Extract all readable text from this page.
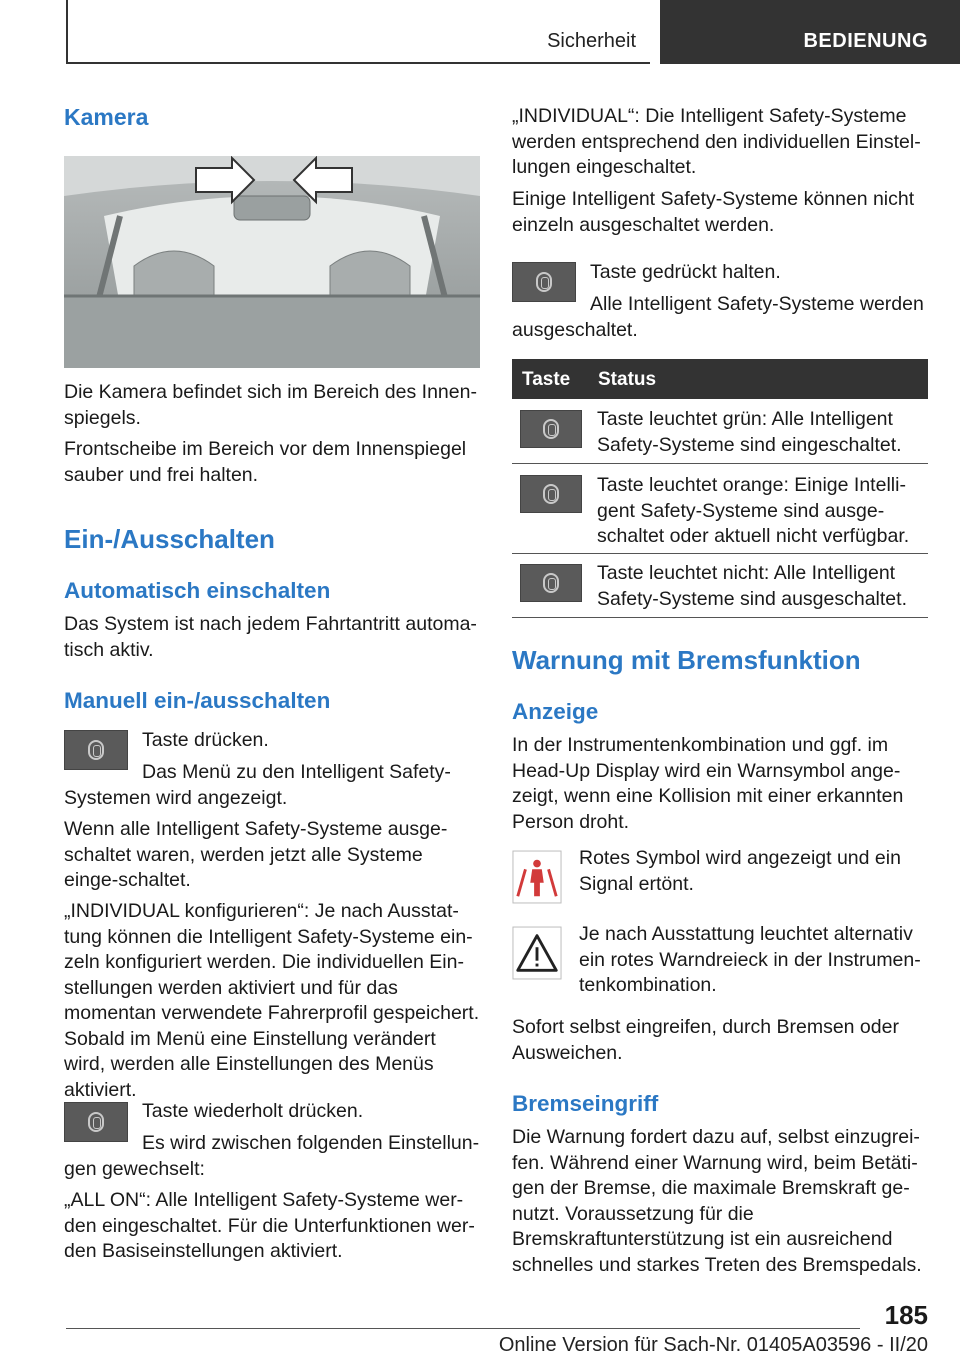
Sicherheit	BEDIENUNG
Kamera
Die Kamera befindet sich im Bereich des Innen-spiegels.
Frontscheibe im Bereich vor dem Innenspiegel sauber und frei halten.
Ein-/Ausschalten
Automatisch einschalten
Das System ist nach jedem Fahrtantritt automa-tisch aktiv.
Manuell ein-/ausschalten
Taste drücken.
Das Menü zu den Intelligent Safety-Systemen wird angezeigt.
Wenn alle Intelligent Safety-Systeme ausge-schaltet waren, werden jetzt alle Systeme einge-schaltet.
„INDIVIDUAL konfigurieren“: Je nach Ausstat-tung können die Intelligent Safety-Systeme ein-zeln konfiguriert werden. Die individuellen Ein-stellungen werden aktiviert und für das momentan verwendete Fahrerprofil gespeichert. Sobald im Menü eine Einstellung verändert wird, werden alle Einstellungen des Menüs aktiviert.
Taste wiederholt drücken.
Es wird zwischen folgenden Einstellun-gen gewechselt:
„ALL ON“: Alle Intelligent Safety-Systeme wer-den eingeschaltet. Für die Unterfunktionen wer-den Basiseinstellungen aktiviert.
„INDIVIDUAL“: Die Intelligent Safety-Systeme werden entsprechend den individuellen Einstel-lungen eingeschaltet.
Einige Intelligent Safety-Systeme können nicht einzeln ausgeschaltet werden.
Taste gedrückt halten.
Alle Intelligent Safety-Systeme werden ausgeschaltet.
Taste Status
Taste leuchtet grün: Alle Intelligent Safety-Systeme sind eingeschaltet.
Taste leuchtet orange: Einige Intelli-gent Safety-Systeme sind ausge-schaltet oder aktuell nicht verfügbar.
Taste leuchtet nicht: Alle Intelligent Safety-Systeme sind ausgeschaltet.
Warnung mit Bremsfunktion
Anzeige
In der Instrumentenkombination und ggf. im Head-Up Display wird ein Warnsymbol ange-zeigt, wenn eine Kollision mit einer erkannten Person droht.
Rotes Symbol wird angezeigt und ein Signal ertönt.
Je nach Ausstattung leuchtet alternativ ein rotes Warndreieck in der Instrumen-tenkombination.
Sofort selbst eingreifen, durch Bremsen oder Ausweichen.
Bremseingriff
Die Warnung fordert dazu auf, selbst einzugrei-fen. Während einer Warnung wird, beim Betäti-gen der Bremse, die maximale Bremskraft ge-nutzt. Voraussetzung für die Bremskraftunterstützung ist ein ausreichend schnelles und starkes Treten des Bremspedals.
185
Online Version für Sach-Nr. 01405A03596 - II/20
